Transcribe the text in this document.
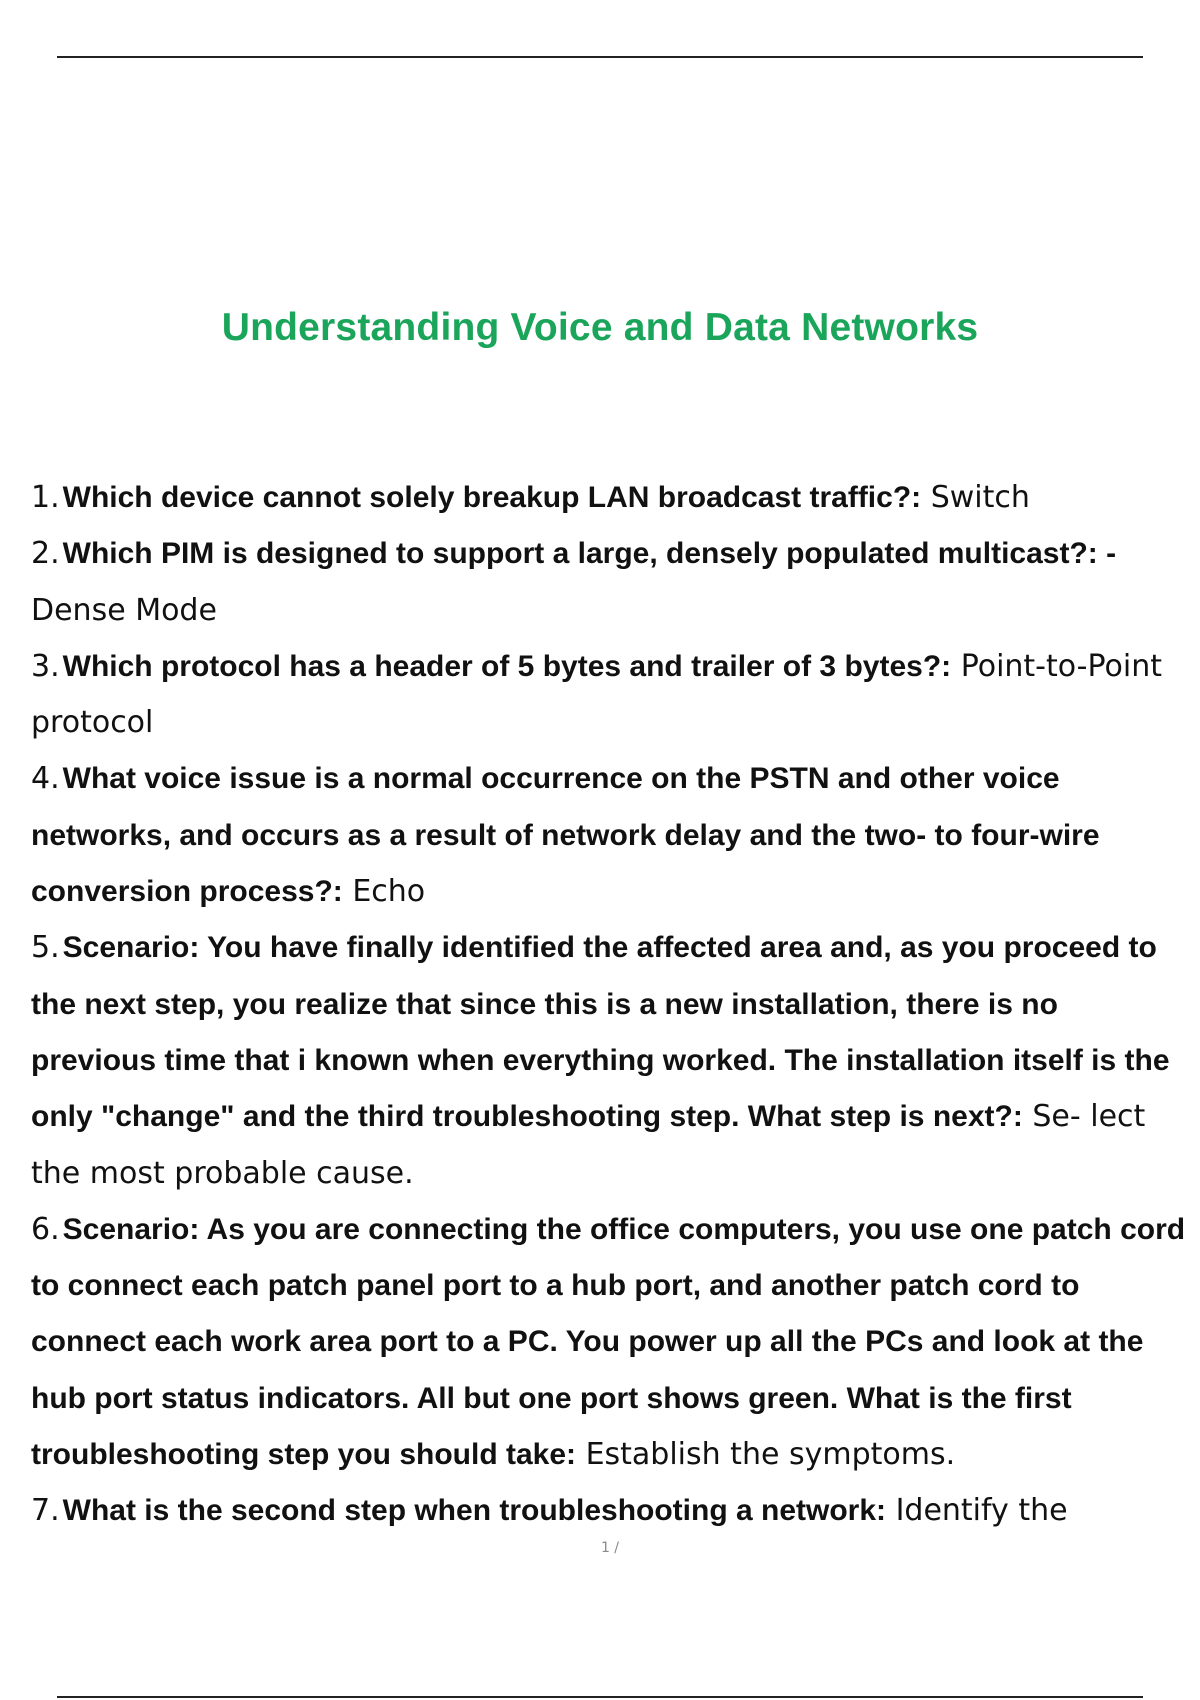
Understanding Voice and Data Networks
1. Which device cannot solely breakup LAN broadcast traffic?: Switch
2. Which PIM is designed to support a large, densely populated multicast?: - Dense Mode
3. Which protocol has a header of 5 bytes and trailer of 3 bytes?: Point-to-Point protocol
4. What voice issue is a normal occurrence on the PSTN and other voice networks, and occurs as a result of network delay and the two- to four-wire conversion process?: Echo
5. Scenario: You have finally identified the affected area and, as you proceed to the next step, you realize that since this is a new installation, there is no previous time that i known when everything worked. The installation itself is the only "change" and the third troubleshooting step. What step is next?: Se- lect the most probable cause.
6. Scenario: As you are connecting the office computers, you use one patch cord to connect each patch panel port to a hub port, and another patch cord to connect each work area port to a PC. You power up all the PCs and look at the hub port status indicators. All but one port shows green. What is the first troubleshooting step you should take: Establish the symptoms.
7. What is the second step when troubleshooting a network: Identify the
1 /
